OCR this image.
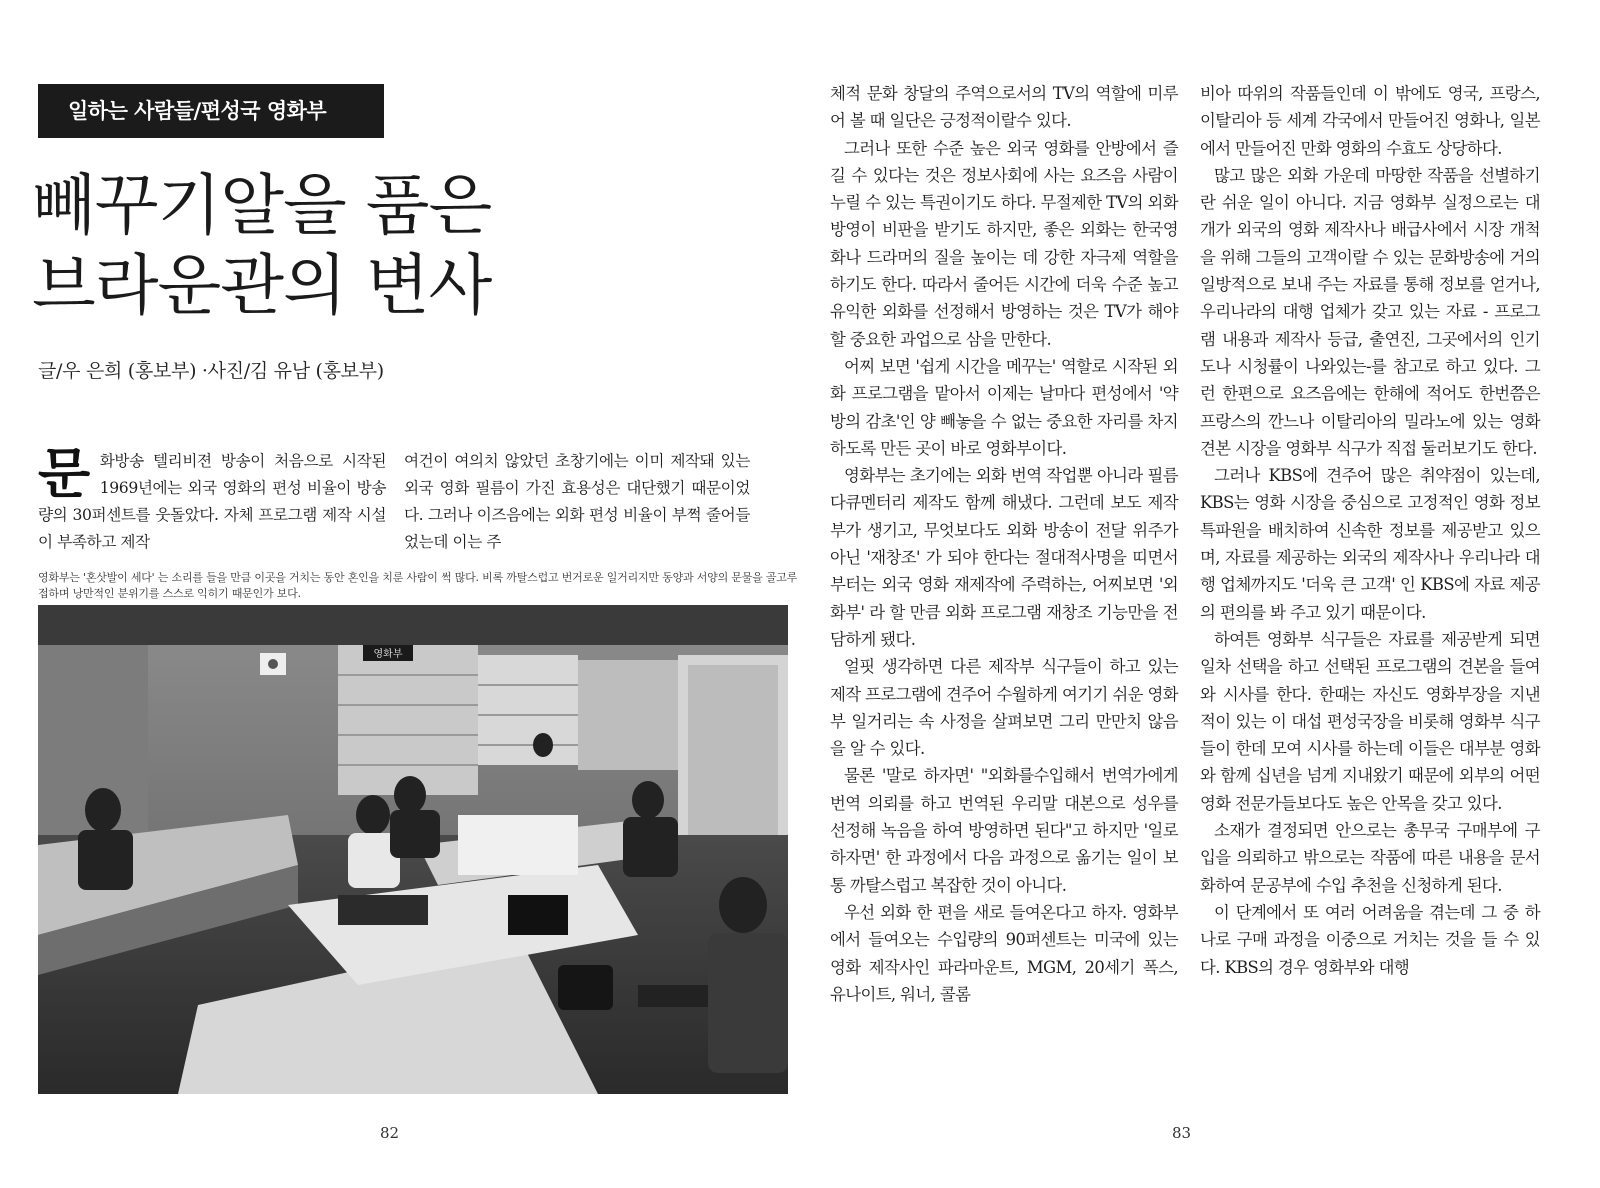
일하는 사람들/편성국 영화부
빼꾸기알을 품은
브라운관의 변사
글/우 은희 (홍보부) ·사진/김 유남 (홍보부)
문 화방송 텔리비젼 방송이 처음으로 시작된 1969년에는 외국 영화의 편성 비율이 방송량의 30퍼센트를 웃돌았다. 자체 프로그램 제작 시설이 부족하고 제작
여건이 여의치 않았던 초창기에는 이미 제작돼 있는 외국 영화 필름이 가진 효용성은 대단했기 때문이었다. 그러나 이즈음에는 외화 편성 비율이 부쩍 줄어들었는데 이는 주
영화부는 '혼삿발이 세다' 는 소리를 들을 만큼 이곳을 거치는 동안 혼인을 치룬 사람이 썩 많다. 비록 까탈스럽고 번거로운 일거리지만 동양과 서양의 문물을 골고루 접하며 낭만적인 분위기를 스스로 익히기 때문인가 보다.
영화부
82

체적 문화 창달의 주역으로서의 TV의 역할에 미루어 볼 때 일단은 긍정적이랄수 있다.

그러나 또한 수준 높은 외국 영화를 안방에서 즐길 수 있다는 것은 정보사회에 사는 요즈음 사람이 누릴 수 있는 특권이기도 하다. 무절제한 TV의 외화 방영이 비판을 받기도 하지만, 좋은 외화는 한국영화나 드라머의 질을 높이는 데 강한 자극제 역할을 하기도 한다. 따라서 줄어든 시간에 더욱 수준 높고 유익한 외화를 선정해서 방영하는 것은 TV가 해야 할 중요한 과업으로 삼을 만한다.

어찌 보면 '쉽게 시간을 메꾸는' 역할로 시작된 외화 프로그램을 맡아서 이제는 날마다 편성에서 '약방의 감초'인 양 빼놓을 수 없는 중요한 자리를 차지하도록 만든 곳이 바로 영화부이다.

영화부는 초기에는 외화 번역 작업뿐 아니라 필름 다큐멘터리 제작도 함께 해냈다. 그런데 보도 제작부가 생기고, 무엇보다도 외화 방송이 전달 위주가 아닌 '재창조' 가 되야 한다는 절대적사명을 띠면서부터는 외국 영화 재제작에 주력하는, 어찌보면 '외화부' 라 할 만큼 외화 프로그램 재창조 기능만을 전담하게 됐다.

얼핏 생각하면 다른 제작부 식구들이 하고 있는 제작 프로그램에 견주어 수월하게 여기기 쉬운 영화부 일거리는 속 사정을 살펴보면 그리 만만치 않음을 알 수 있다.

물론 '말로 하자면' "외화를수입해서 번역가에게 번역 의뢰를 하고 번역된 우리말 대본으로 성우를 선정해 녹음을 하여 방영하면 된다"고 하지만 '일로 하자면' 한 과정에서 다음 과정으로 옮기는 일이 보통 까탈스럽고 복잡한 것이 아니다.

우선 외화 한 편을 새로 들여온다고 하자. 영화부에서 들여오는 수입량의 90퍼센트는 미국에 있는 영화 제작사인 파라마운트, MGM, 20세기 폭스, 유나이트, 워너, 콜롬

비아 따위의 작품들인데 이 밖에도 영국, 프랑스, 이탈리아 등 세계 각국에서 만들어진 영화나, 일본에서 만들어진 만화 영화의 수효도 상당하다.

많고 많은 외화 가운데 마땅한 작품을 선별하기란 쉬운 일이 아니다. 지금 영화부 실정으로는 대개가 외국의 영화 제작사나 배급사에서 시장 개척을 위해 그들의 고객이랄 수 있는 문화방송에 거의 일방적으로 보내 주는 자료를 통해 정보를 얻거나, 우리나라의 대행 업체가 갖고 있는 자료 - 프로그램 내용과 제작사 등급, 출연진, 그곳에서의 인기도나 시청률이 나와있는-를 참고로 하고 있다. 그런 한편으로 요즈음에는 한해에 적어도 한번쯤은 프랑스의 깐느나 이탈리아의 밀라노에 있는 영화 견본 시장을 영화부 식구가 직접 둘러보기도 한다.

그러나 KBS에 견주어 많은 취약점이 있는데, KBS는 영화 시장을 중심으로 고정적인 영화 정보 특파원을 배치하여 신속한 정보를 제공받고 있으며, 자료를 제공하는 외국의 제작사나 우리나라 대행 업체까지도 '더욱 큰 고객' 인 KBS에 자료 제공의 편의를 봐 주고 있기 때문이다.

하여튼 영화부 식구들은 자료를 제공받게 되면 일차 선택을 하고 선택된 프로그램의 견본을 들여와 시사를 한다. 한때는 자신도 영화부장을 지낸 적이 있는 이 대섭 편성국장을 비롯해 영화부 식구들이 한데 모여 시사를 하는데 이들은 대부분 영화와 함께 십년을 넘게 지내왔기 때문에 외부의 어떤 영화 전문가들보다도 높은 안목을 갖고 있다.

소재가 결정되면 안으로는 총무국 구매부에 구입을 의뢰하고 밖으로는 작품에 따른 내용을 문서화하여 문공부에 수입 추천을 신청하게 된다.

이 단계에서 또 여러 어려움을 겪는데 그 중 하나로 구매 과정을 이중으로 거치는 것을 들 수 있다. KBS의 경우 영화부와 대행

83
